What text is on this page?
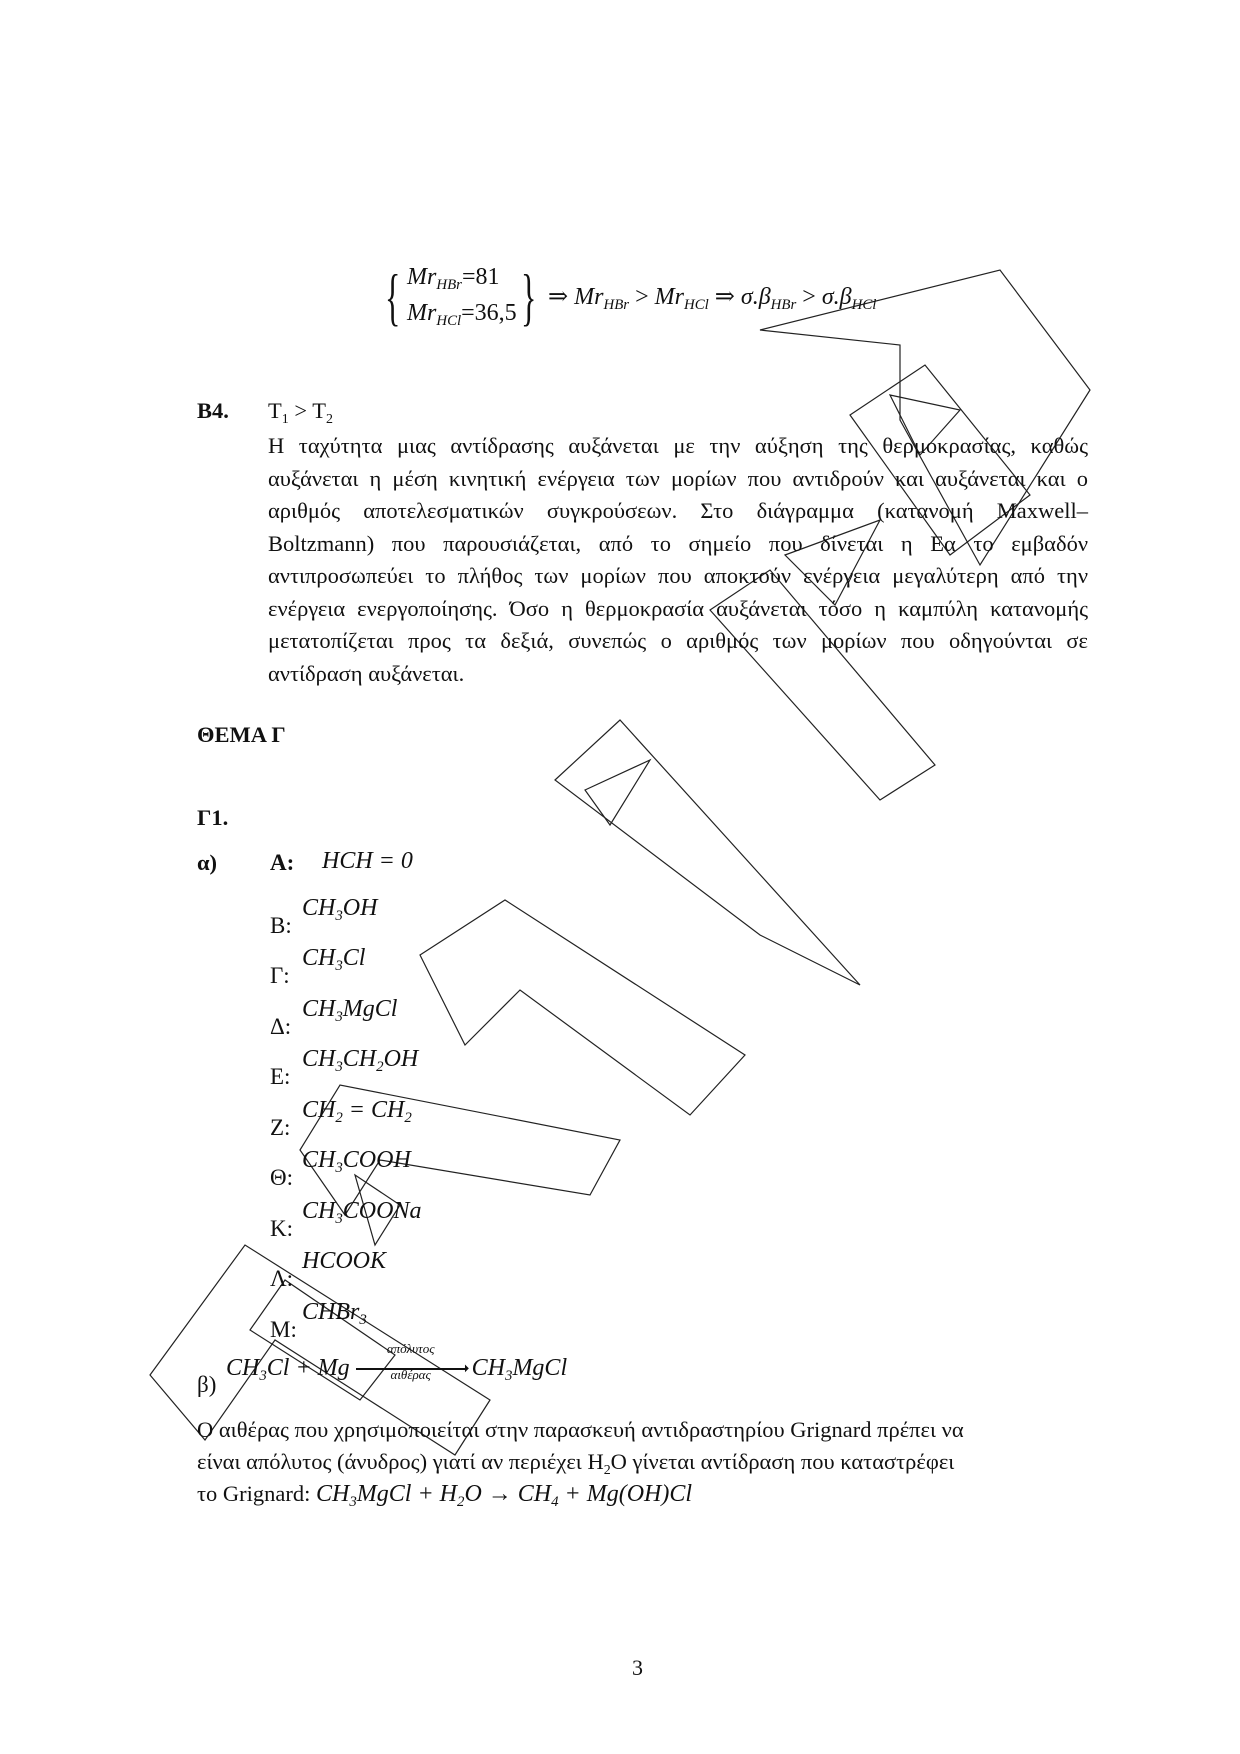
{ $Mr_{HBr}=81$
$Mr_{HCl}=36,5$ } ⇒ $Mr_{HBr} > Mr_{HCl}$ ⇒ $\sigma.\beta_{HBr} > \sigma.\beta_{HCl}$
B4. $T_1 > T_2$
Η ταχύτητα μιας αντίδρασης αυξάνεται με την αύξηση της θερμοκρασίας, καθώς αυξάνεται η μέση κινητική ενέργεια των μορίων που αντιδρούν και αυξάνεται και ο αριθμός αποτελεσματικών συγκρούσεων. Στο διάγραμμα (κατανομή Maxwell–Boltzmann) που παρουσιάζεται, από το σημείο που δίνεται η Εα το εμβαδόν αντιπροσωπεύει το πλήθος των μορίων που αποκτούν ενέργεια μεγαλύτερη από την ενέργεια ενεργοποίησης. Όσο η θερμοκρασία αυξάνεται τόσο η καμπύλη κατανομής μετατοπίζεται προς τα δεξιά, συνεπώς ο αριθμός των μορίων που οδηγούνται σε αντίδραση αυξάνεται.
ΘΕΜΑ Γ
Γ1.
α) A: HCH = 0
B:
$CH_3OH$
Γ:
$CH_3Cl$
Δ:
$CH_3MgCl$
E:
$CH_3CH_2OH$
Z:
$CH_2 = CH_2$
Θ:
$CH_3COOH$
K:
$CH_3COONa$
Λ:
HCOOK
M:
CHBr$_3$
β)
$CH_3Cl + Mg$
απόλυτος
➝
αιθέρας	$CH_3MgCl$
Ο αιθέρας που χρησιμοποιείται στην παρασκευή αντιδραστηρίου Grignard πρέπει να
είναι απόλυτος (άνυδρος) γιατί αν περιέχει $H_2O$ γίνεται αντίδραση που καταστρέφει
το Grignard: $CH_3MgCl + H_2O \to CH_4 + Mg(OH)Cl$
3
